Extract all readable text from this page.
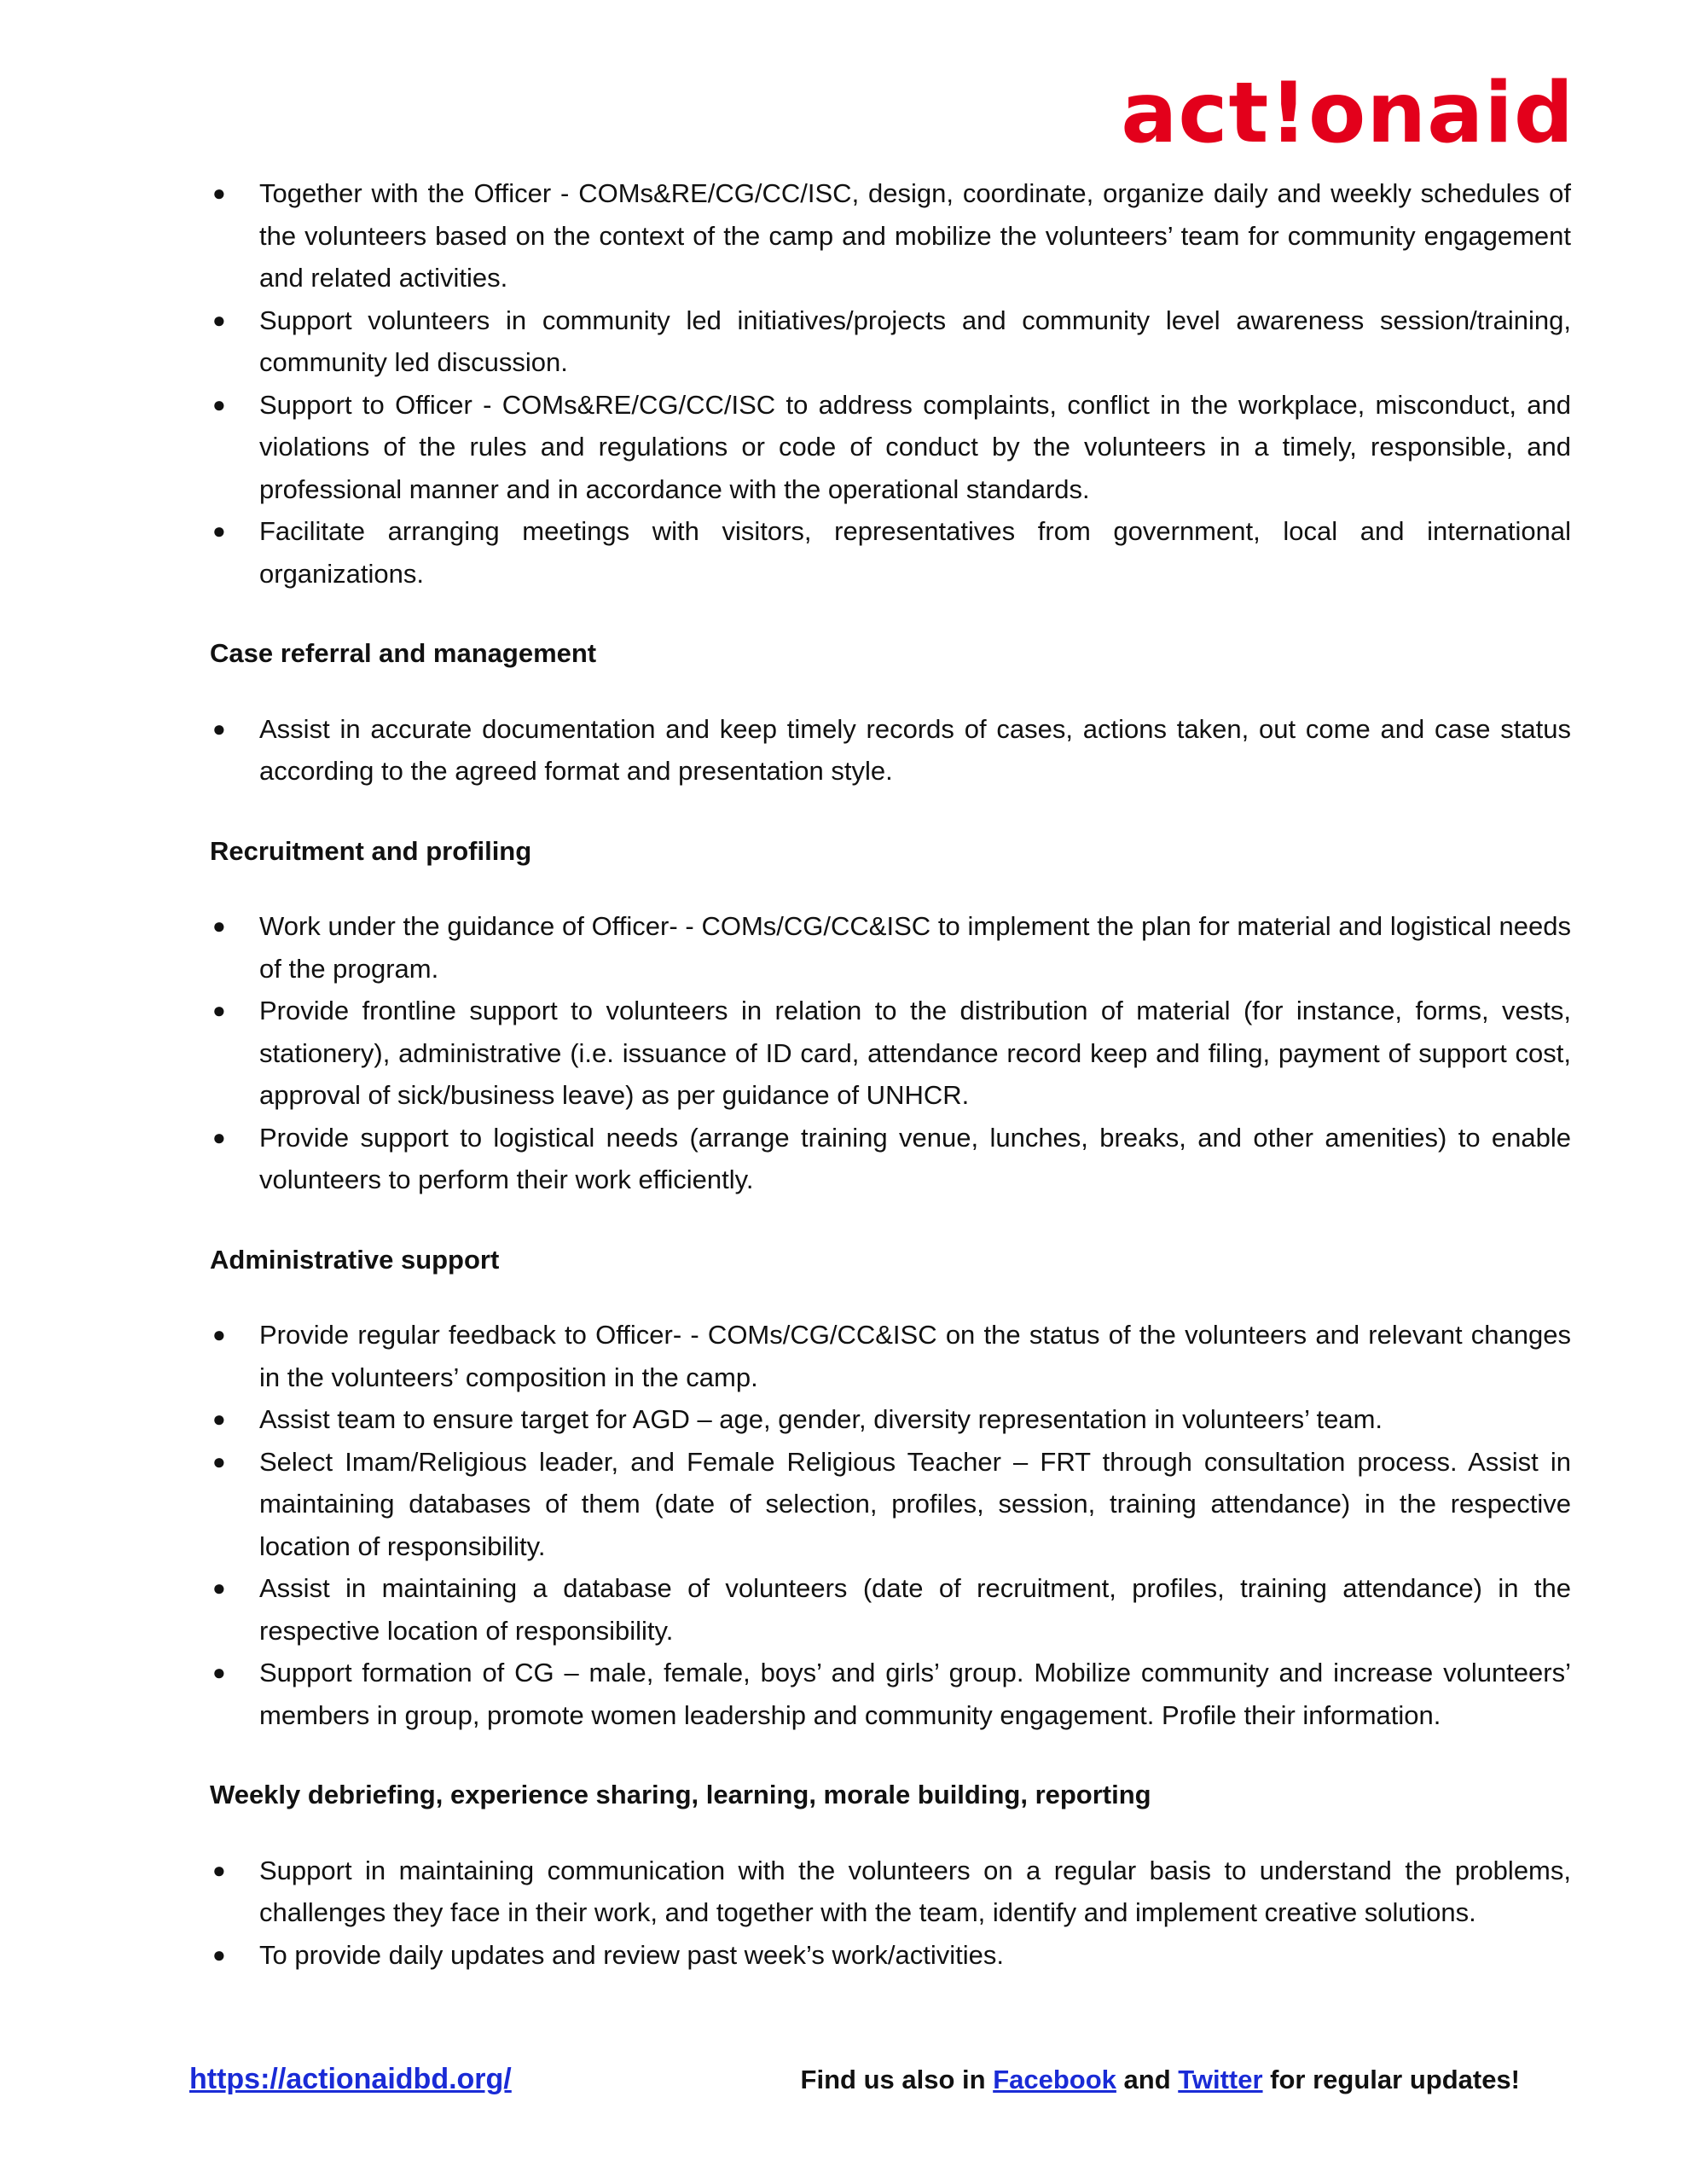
act!onaid
● Together with the Officer - COMs&RE/CG/CC/ISC, design, coordinate, organize daily and weekly schedules of the volunteers based on the context of the camp and mobilize the volunteers’ team for community engagement and related activities.
● Support volunteers in community led initiatives/projects and community level awareness session/training, community led discussion.
● Support to Officer - COMs&RE/CG/CC/ISC to address complaints, conflict in the workplace, misconduct, and violations of the rules and regulations or code of conduct by the volunteers in a timely, responsible, and professional manner and in accordance with the operational standards.
● Facilitate arranging meetings with visitors, representatives from government, local and international organizations.
Case referral and management
● Assist in accurate documentation and keep timely records of cases, actions taken, out come and case status according to the agreed format and presentation style.
Recruitment and profiling
● Work under the guidance of Officer- - COMs/CG/CC&ISC to implement the plan for material and logistical needs of the program.
● Provide frontline support to volunteers in relation to the distribution of material (for instance, forms, vests, stationery), administrative (i.e. issuance of ID card, attendance record keep and filing, payment of support cost, approval of sick/business leave) as per guidance of UNHCR.
● Provide support to logistical needs (arrange training venue, lunches, breaks, and other amenities) to enable volunteers to perform their work efficiently.
Administrative support
● Provide regular feedback to Officer- - COMs/CG/CC&ISC on the status of the volunteers and relevant changes in the volunteers’ composition in the camp.
● Assist team to ensure target for AGD – age, gender, diversity representation in volunteers’ team.
● Select Imam/Religious leader, and Female Religious Teacher – FRT through consultation process. Assist in maintaining databases of them (date of selection, profiles, session, training attendance) in the respective location of responsibility.
● Assist in maintaining a database of volunteers (date of recruitment, profiles, training attendance) in the respective location of responsibility.
● Support formation of CG – male, female, boys’ and girls’ group. Mobilize community and increase volunteers’ members in group, promote women leadership and community engagement. Profile their information.
Weekly debriefing, experience sharing, learning, morale building, reporting
● Support in maintaining communication with the volunteers on a regular basis to understand the problems, challenges they face in their work, and together with the team, identify and implement creative solutions.
● To provide daily updates and review past week’s work/activities.
https://actionaidbd.org/	Find us also in Facebook and Twitter for regular updates!
